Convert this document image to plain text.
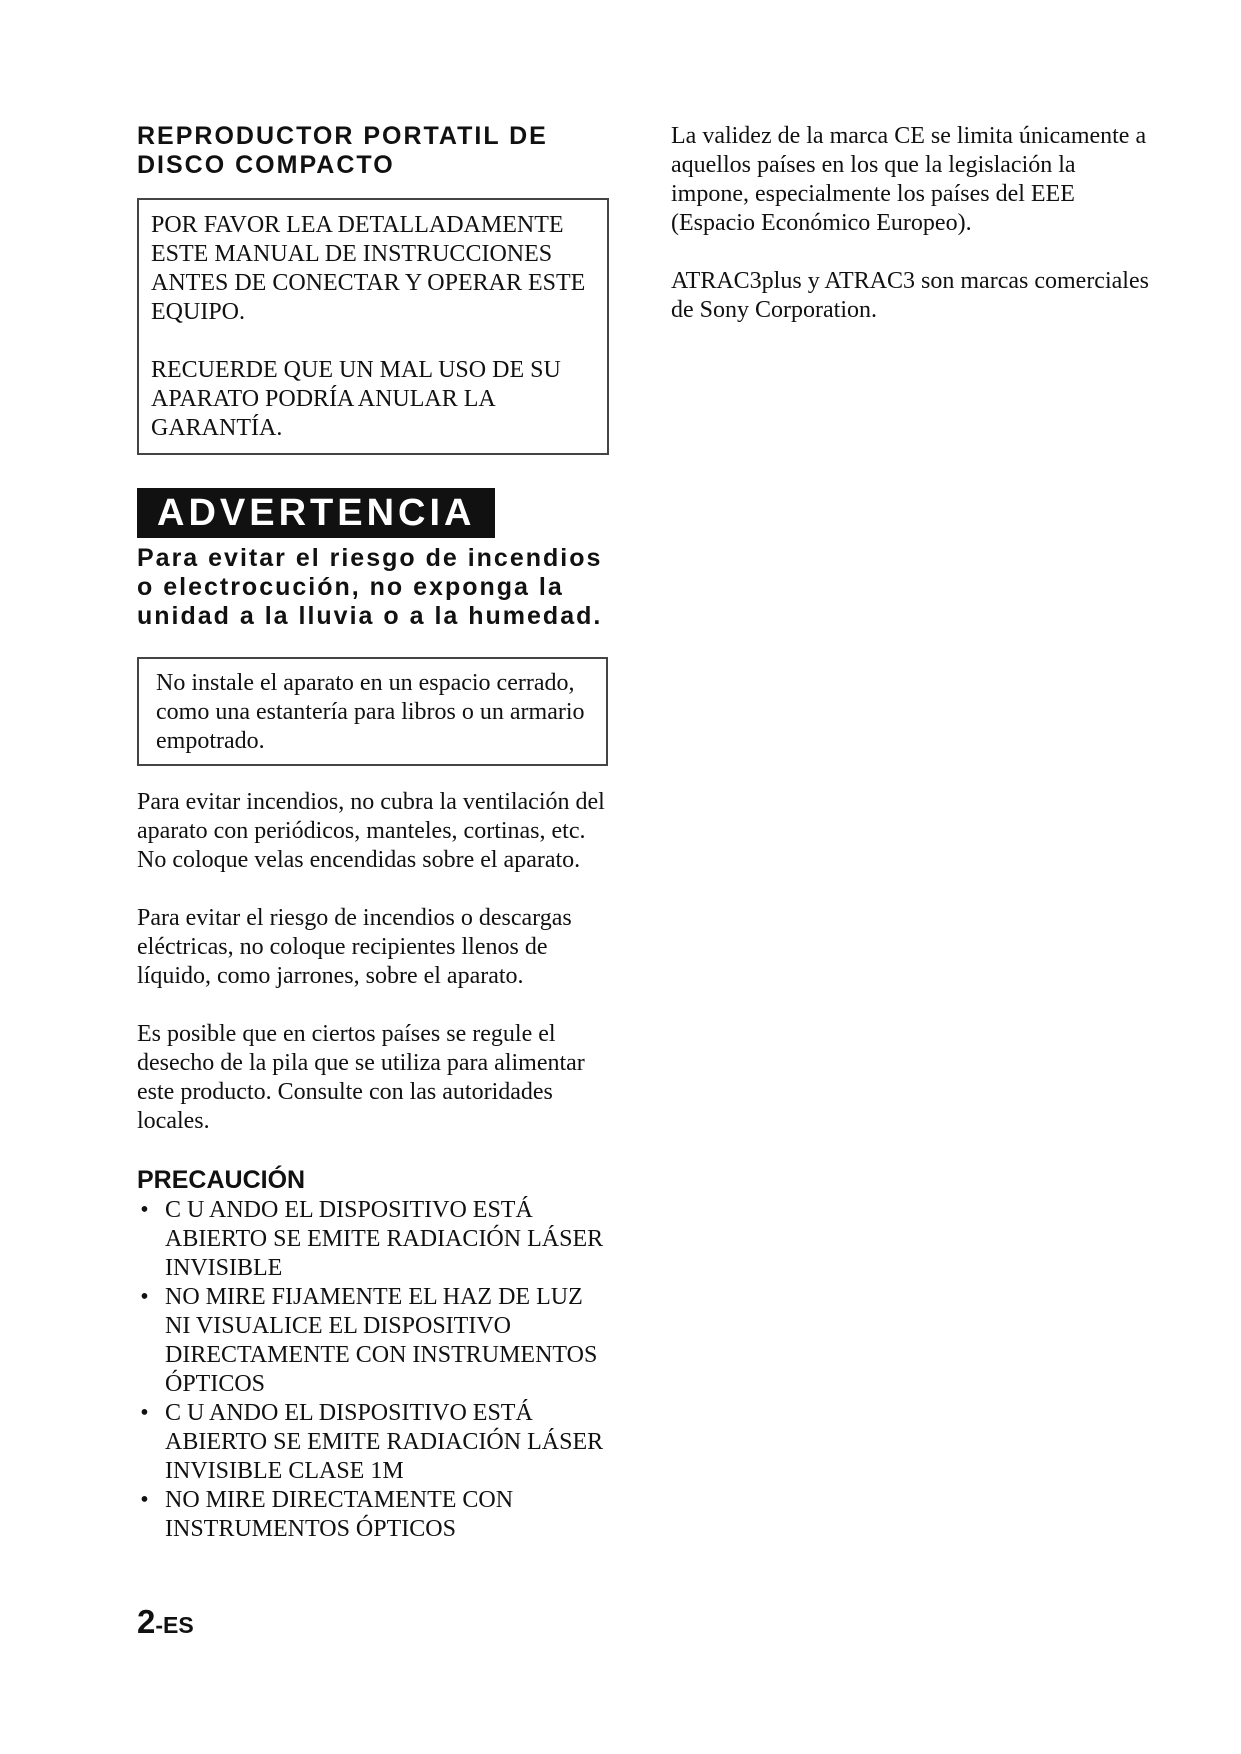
REPRODUCTOR PORTATIL DE DISCO COMPACTO

POR FAVOR LEA DETALLADAMENTE ESTE MANUAL DE INSTRUCCIONES ANTES DE CONECTAR Y OPERAR ESTE EQUIPO.

RECUERDE QUE UN MAL USO DE SU APARATO PODRÍA ANULAR LA GARANTÍA.

ADVERTENCIA
Para evitar el riesgo de incendios o electrocución, no exponga la unidad a la lluvia o a la humedad.

No instale el aparato en un espacio cerrado, como una estantería para libros o un armario empotrado.

Para evitar incendios, no cubra la ventilación del aparato con periódicos, manteles, cortinas, etc. No coloque velas encendidas sobre el aparato.

Para evitar el riesgo de incendios o descargas eléctricas, no coloque recipientes llenos de líquido, como jarrones, sobre el aparato.

Es posible que en ciertos países se regule el desecho de la pila que se utiliza para alimentar este producto. Consulte con las autoridades locales.

PRECAUCIÓN
• C U ANDO EL DISPOSITIVO ESTÁ ABIERTO SE EMITE RADIACIÓN LÁSER INVISIBLE
• NO MIRE FIJAMENTE EL HAZ DE LUZ NI VISUALICE EL DISPOSITIVO DIRECTAMENTE CON INSTRUMENTOS ÓPTICOS
• C U ANDO EL DISPOSITIVO ESTÁ ABIERTO SE EMITE RADIACIÓN LÁSER INVISIBLE CLASE 1M
• NO MIRE DIRECTAMENTE CON INSTRUMENTOS ÓPTICOS

La validez de la marca CE se limita únicamente a aquellos países en los que la legislación la impone, especialmente los países del EEE (Espacio Económico Europeo).

ATRAC3plus y ATRAC3 son marcas comerciales de Sony Corporation.

2-ES
